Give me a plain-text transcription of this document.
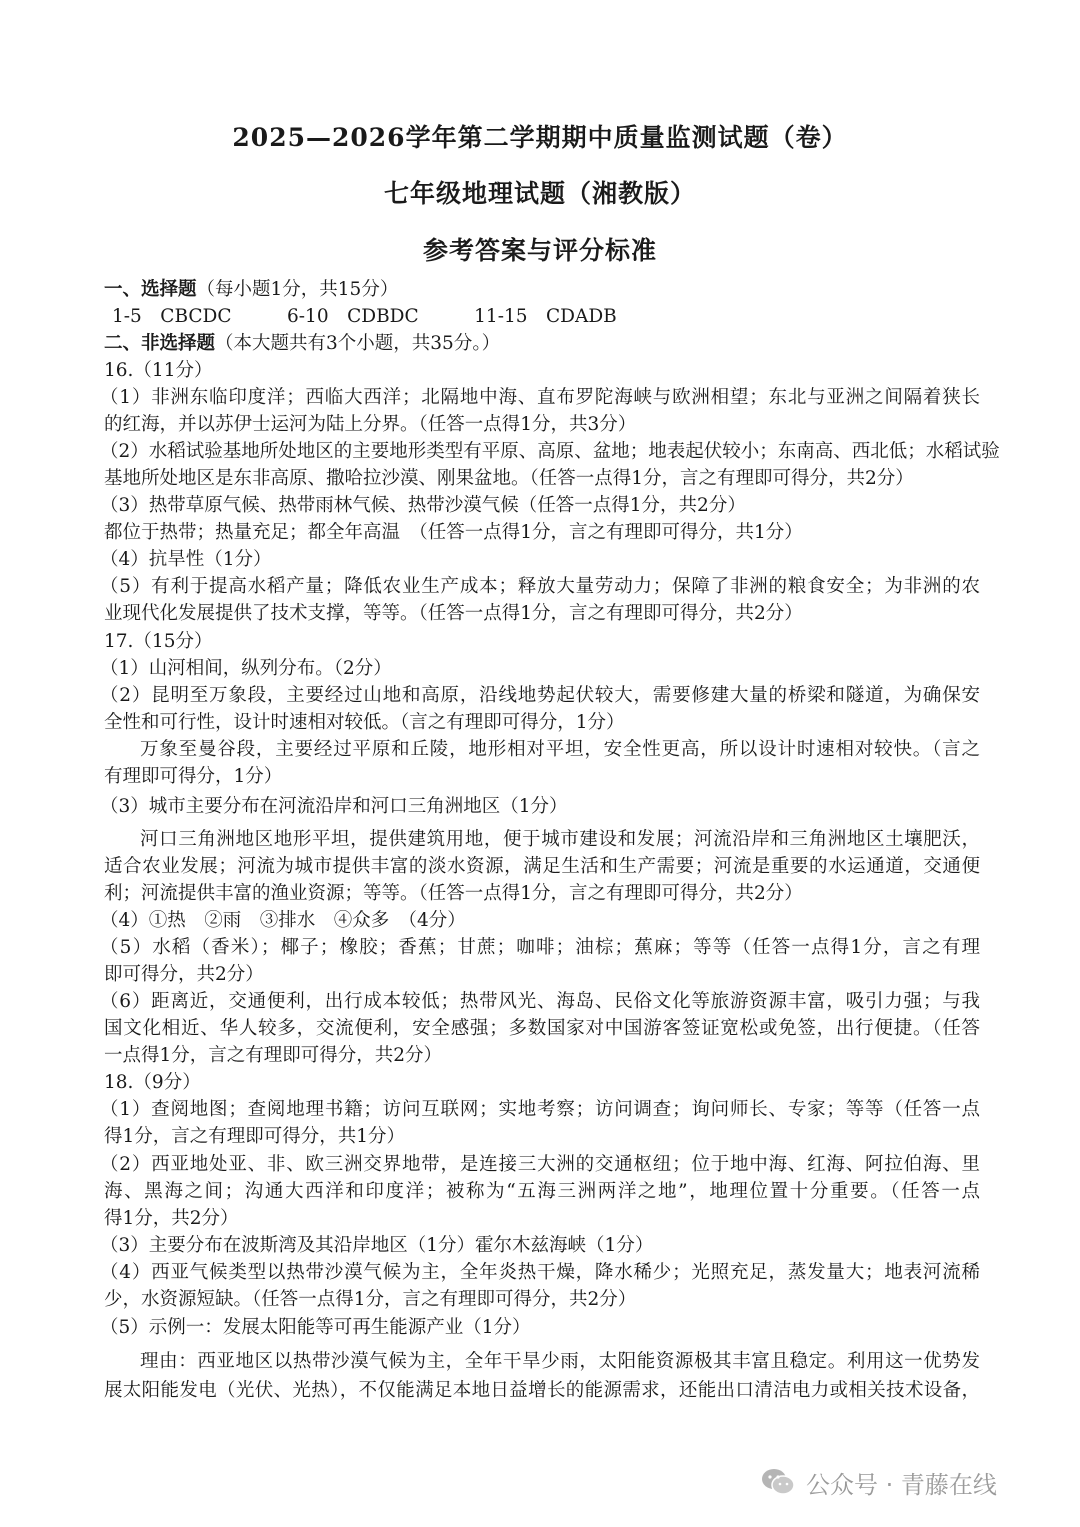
2025—2026学年第二学期期中质量监测试题（卷）
七年级地理试题（湘教版）
参考答案与评分标准
一、选择题（每小题1分，共15分）
1-5　CBCDC　　　6-10　CDBDC　　　11-15　CDADB
二、非选择题（本大题共有3个小题，共35分。）
16.（11分）
（1）非洲东临印度洋；西临大西洋；北隔地中海、直布罗陀海峡与欧洲相望；东北与亚洲之间隔着狭长
的红海，并以苏伊士运河为陆上分界。（任答一点得1分，共3分）
（2）水稻试验基地所处地区的主要地形类型有平原、高原、盆地；地表起伏较小；东南高、西北低；水稻试验
基地所处地区是东非高原、撒哈拉沙漠、刚果盆地。（任答一点得1分，言之有理即可得分，共2分）
（3）热带草原气候、热带雨林气候、热带沙漠气候（任答一点得1分，共2分）
都位于热带；热量充足；都全年高温　（任答一点得1分，言之有理即可得分，共1分）
（4）抗旱性（1分）
（5）有利于提高水稻产量；降低农业生产成本；释放大量劳动力；保障了非洲的粮食安全；为非洲的农
业现代化发展提供了技术支撑，等等。（任答一点得1分，言之有理即可得分，共2分）
17.（15分）
（1）山河相间，纵列分布。（2分）
（2）昆明至万象段，主要经过山地和高原，沿线地势起伏较大，需要修建大量的桥梁和隧道，为确保安
全性和可行性，设计时速相对较低。（言之有理即可得分，1分）
万象至曼谷段，主要经过平原和丘陵，地形相对平坦，安全性更高，所以设计时速相对较快。（言之
有理即可得分，1分）
（3）城市主要分布在河流沿岸和河口三角洲地区（1分）
河口三角洲地区地形平坦，提供建筑用地，便于城市建设和发展；河流沿岸和三角洲地区土壤肥沃，
适合农业发展；河流为城市提供丰富的淡水资源，满足生活和生产需要；河流是重要的水运通道，交通便
利；河流提供丰富的渔业资源；等等。（任答一点得1分，言之有理即可得分，共2分）
（4）①热　②雨　③排水　④众多　（4分）
（5）水稻（香米）；椰子；橡胶；香蕉；甘蔗；咖啡；油棕；蕉麻；等等（任答一点得1分，言之有理
即可得分，共2分）
（6）距离近，交通便利，出行成本较低；热带风光、海岛、民俗文化等旅游资源丰富，吸引力强；与我
国文化相近、华人较多，交流便利，安全感强；多数国家对中国游客签证宽松或免签，出行便捷。（任答
一点得1分，言之有理即可得分，共2分）
18.（9分）
（1）查阅地图；查阅地理书籍；访问互联网；实地考察；访问调查；询问师长、专家；等等（任答一点
得1分，言之有理即可得分，共1分）
（2）西亚地处亚、非、欧三洲交界地带，是连接三大洲的交通枢纽；位于地中海、红海、阿拉伯海、里
海、黑海之间；沟通大西洋和印度洋；被称为“五海三洲两洋之地”，地理位置十分重要。（任答一点
得1分，共2分）
（3）主要分布在波斯湾及其沿岸地区（1分）霍尔木兹海峡（1分）
（4）西亚气候类型以热带沙漠气候为主，全年炎热干燥，降水稀少；光照充足，蒸发量大；地表河流稀
少，水资源短缺。（任答一点得1分，言之有理即可得分，共2分）
（5）示例一：发展太阳能等可再生能源产业（1分）
理由：西亚地区以热带沙漠气候为主，全年干旱少雨，太阳能资源极其丰富且稳定。利用这一优势发
展太阳能发电（光伏、光热），不仅能满足本地日益增长的能源需求，还能出口清洁电力或相关技术设备，
公众号 · 青藤在线
